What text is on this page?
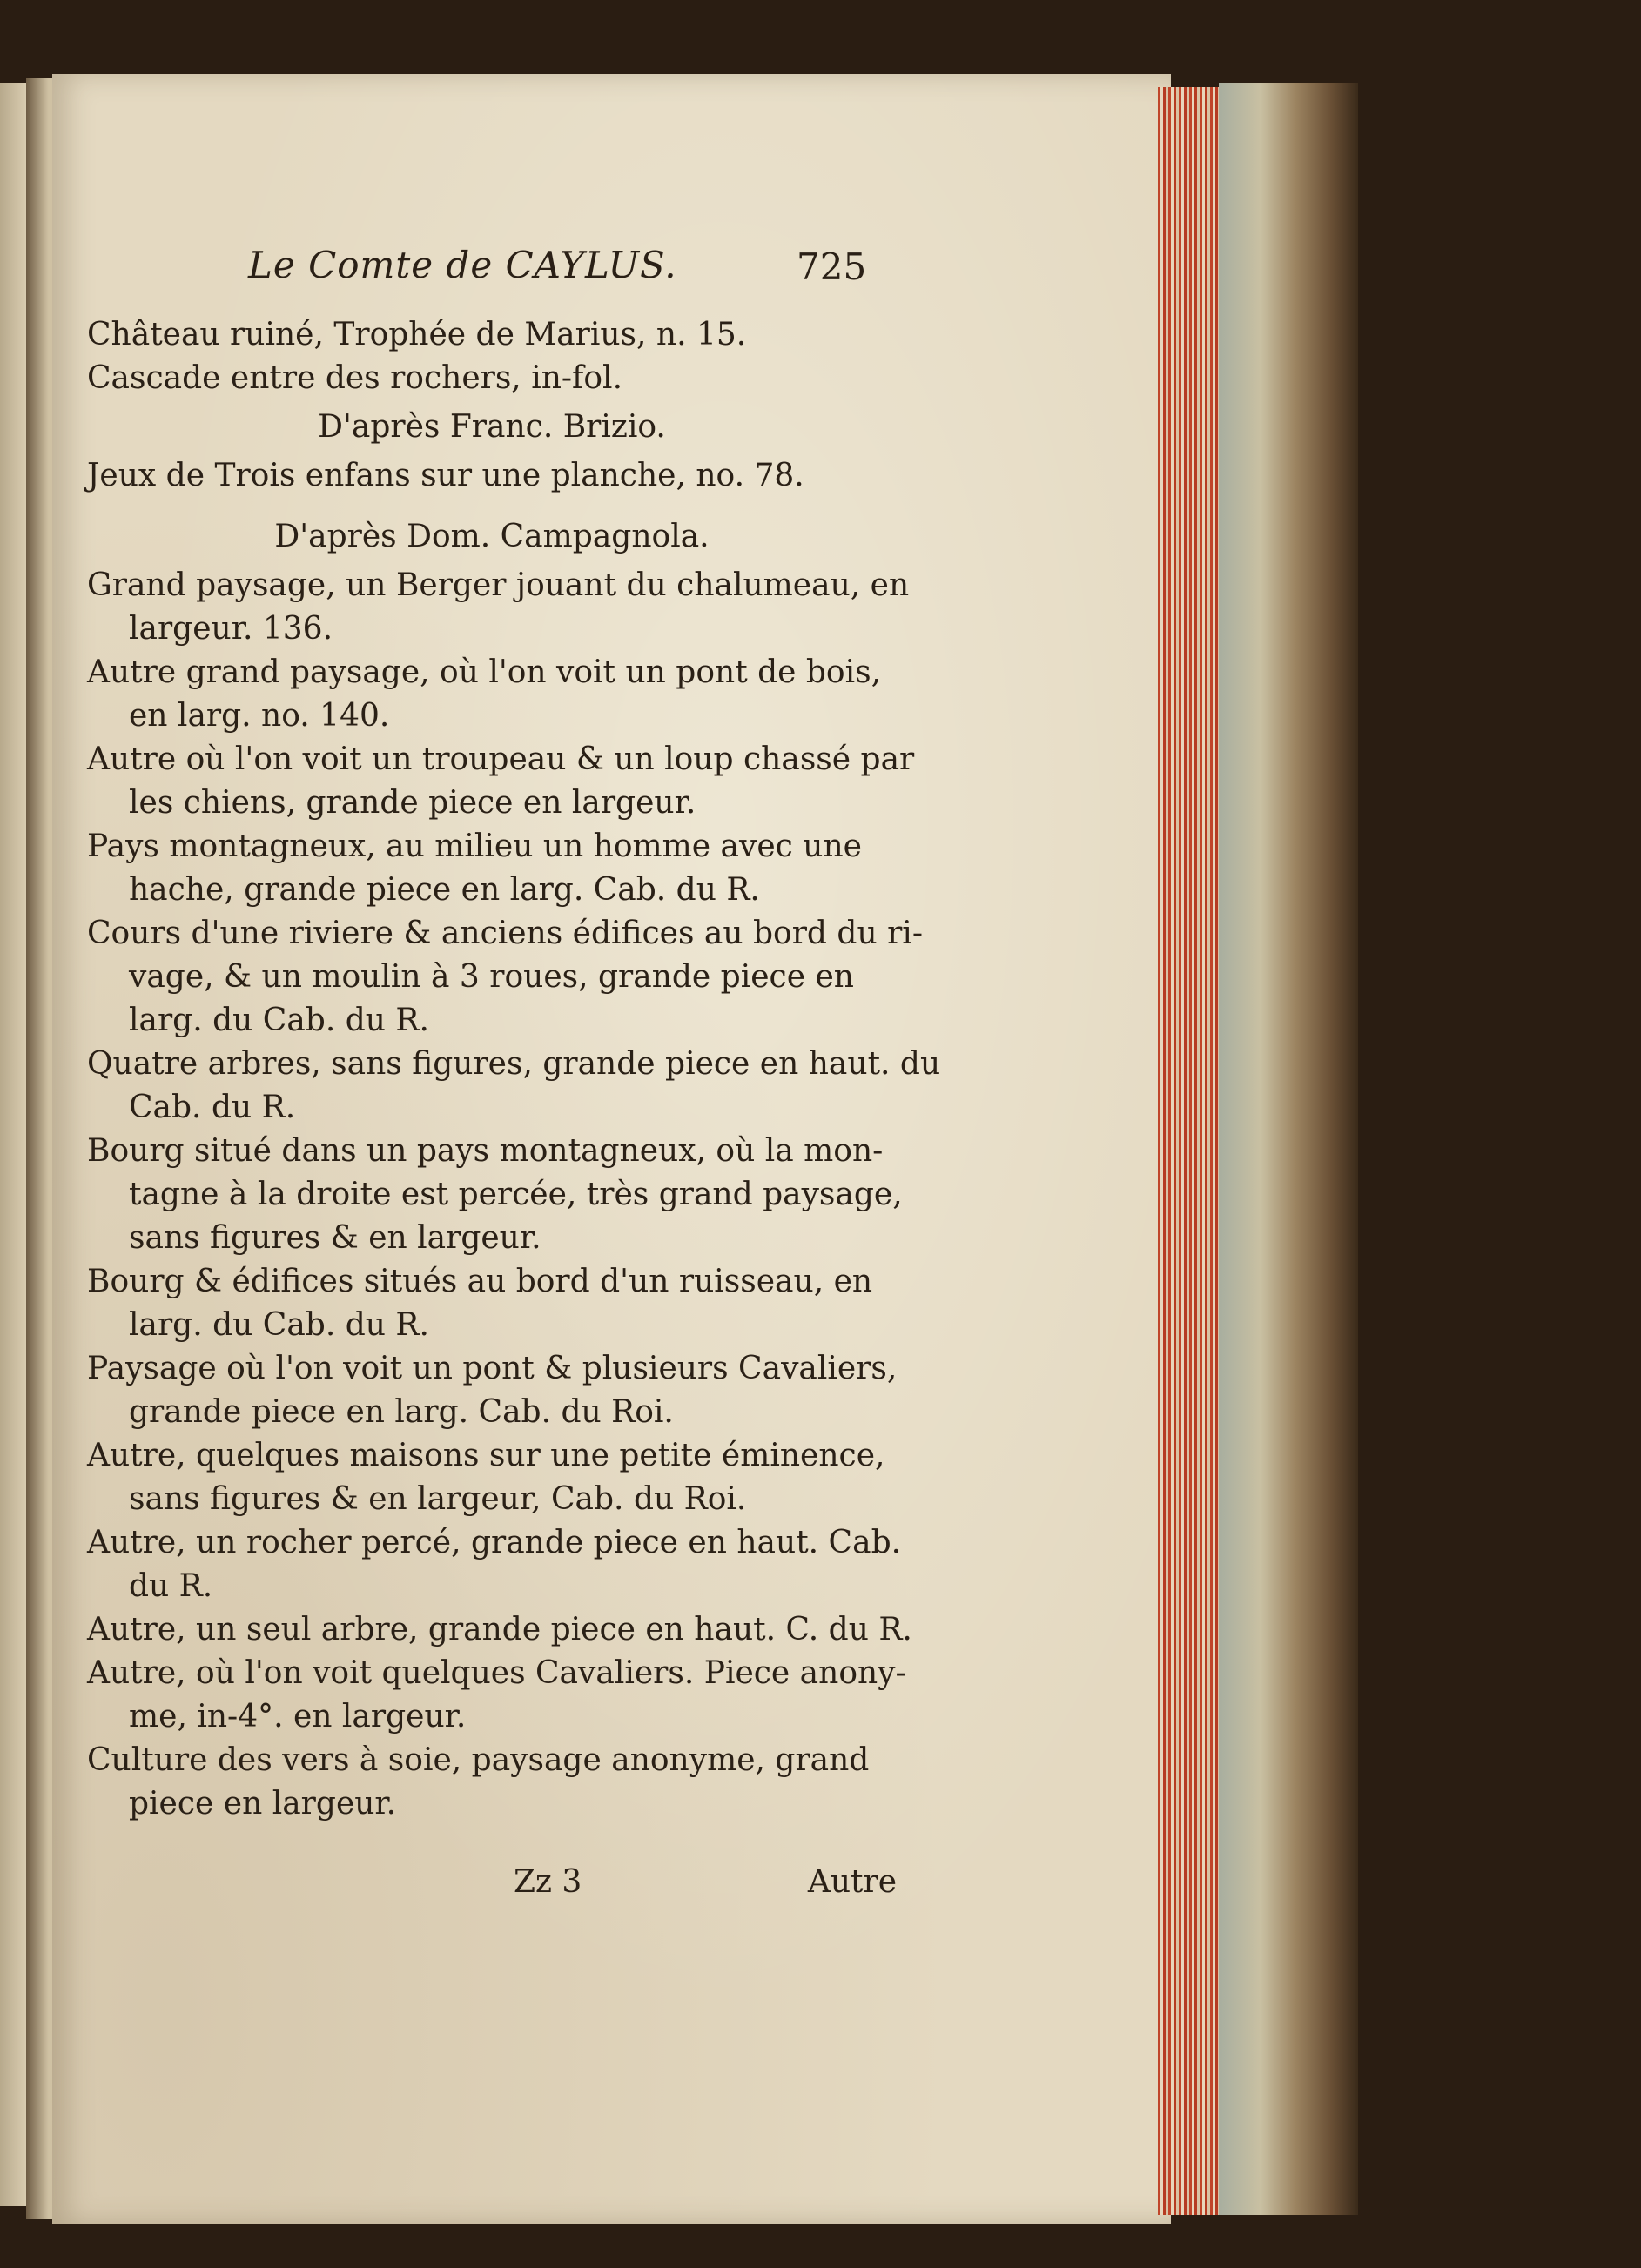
Le Comte de CAYLUS.	725
Château ruiné, Trophée de Marius, n. 15.
Cascade entre des rochers, in-fol.
D'après Franc. Brizio.
Jeux de Trois enfans sur une planche, no. 78.
D'après Dom. Campagnola.
Grand paysage, un Berger jouant du chalumeau, en
largeur. 136.
Autre grand paysage, où l'on voit un pont de bois,
en larg. no. 140.
Autre où l'on voit un troupeau & un loup chassé par
les chiens, grande piece en largeur.
Pays montagneux, au milieu un homme avec une
hache, grande piece en larg. Cab. du R.
Cours d'une riviere & anciens édifices au bord du ri-
vage, & un moulin à 3 roues, grande piece en
larg. du Cab. du R.
Quatre arbres, sans figures, grande piece en haut. du
Cab. du R.
Bourg situé dans un pays montagneux, où la mon-
tagne à la droite est percée, très grand paysage,
sans figures & en largeur.
Bourg & édifices situés au bord d'un ruisseau, en
larg. du Cab. du R.
Paysage où l'on voit un pont & plusieurs Cavaliers,
grande piece en larg. Cab. du Roi.
Autre, quelques maisons sur une petite éminence,
sans figures & en largeur, Cab. du Roi.
Autre, un rocher percé, grande piece en haut. Cab.
du R.
Autre, un seul arbre, grande piece en haut. C. du R.
Autre, où l'on voit quelques Cavaliers. Piece anony-
me, in-4°. en largeur.
Culture des vers à soie, paysage anonyme, grand
piece en largeur.
Zz 3	Autre
